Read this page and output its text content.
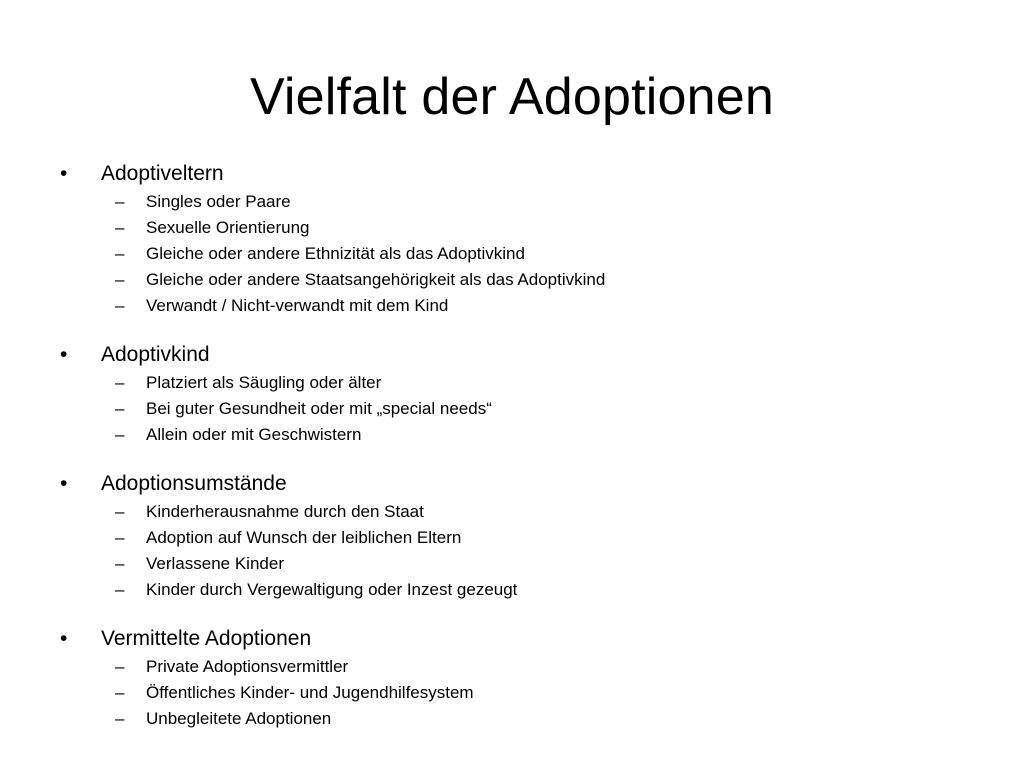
Vielfalt der Adoptionen
•	Adoptiveltern
– Singles oder Paare
– Sexuelle Orientierung
– Gleiche oder andere Ethnizität als das Adoptivkind
– Gleiche oder andere Staatsangehörigkeit als das Adoptivkind
– Verwandt / Nicht-verwandt mit dem Kind
•	Adoptivkind
– Platziert als Säugling oder älter
– Bei guter Gesundheit oder mit „special needs“
– Allein oder mit Geschwistern
•	Adoptionsumstände
– Kinderherausnahme durch den Staat
– Adoption auf Wunsch der leiblichen Eltern
– Verlassene Kinder
– Kinder durch Vergewaltigung oder Inzest gezeugt
•	Vermittelte Adoptionen
– Private Adoptionsvermittler
– Öffentliches Kinder- und Jugendhilfesystem
– Unbegleitete Adoptionen
